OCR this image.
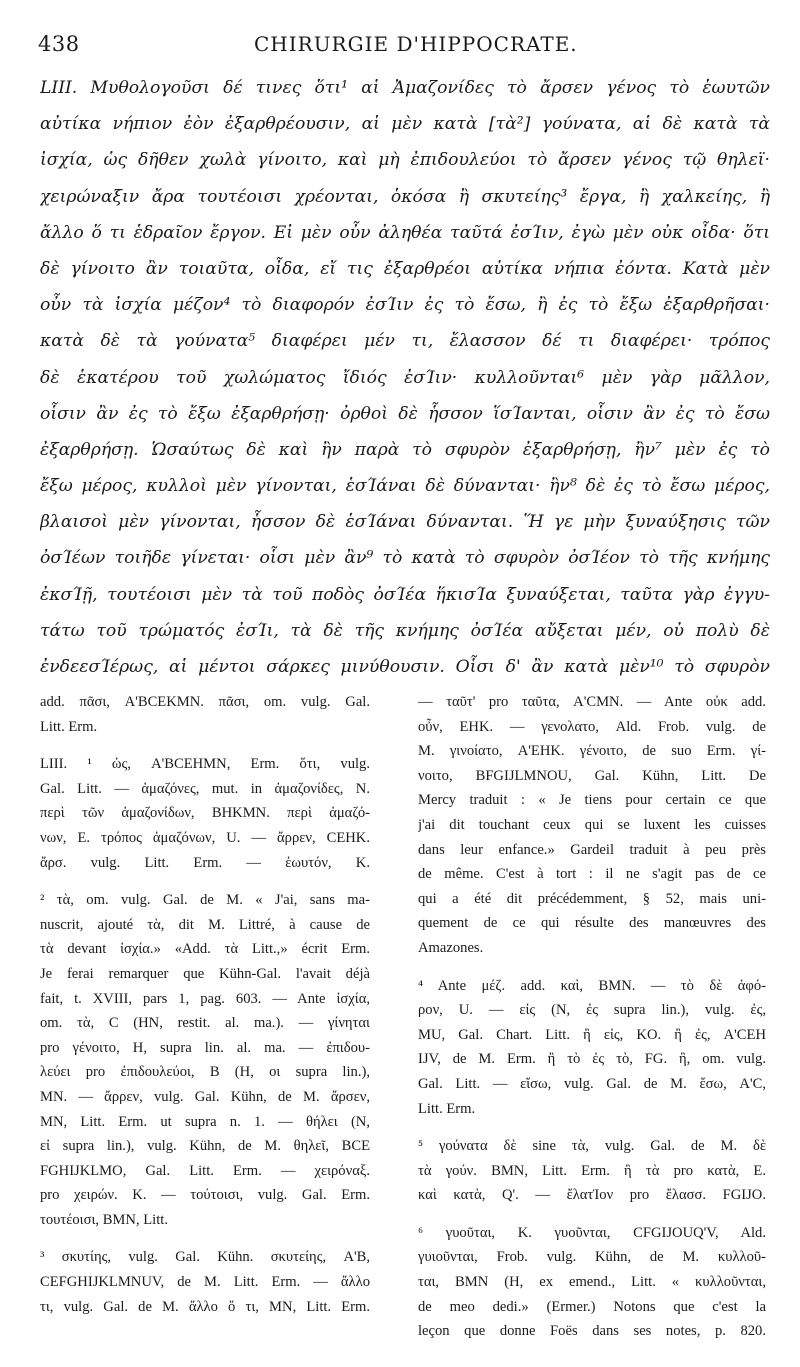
438	CHIRURGIE D'HIPPOCRATE.
LIII. Μυθολογοῦσι δέ τινες ὅτι¹ αἱ Ἀμαζονίδες τὸ ἄρσεν γένος τὸ ἑωυτῶν
αὐτίκα νήπιον ἐὸν ἐξαρθρέουσιν, αἱ μὲν κατὰ [τὰ²] γούνατα, αἱ δὲ κατὰ τὰ
ἰσχία, ὡς δῆθεν χωλὰ γίνοιτο, καὶ μὴ ἐπιδουλεύοι τὸ ἄρσεν γένος τῷ θηλεϊ·
χειρώναξιν ἄρα τουτέοισι χρέονται, ὁκόσα ἢ σκυτείης³ ἔργα, ἢ χαλκείης, ἢ
ἄλλο ὅ τι ἑδραῖον ἔργον. Εἰ μὲν οὖν ἀληθέα ταῦτά ἐσΊιν, ἐγὼ μὲν οὐκ οἶδα· ὅτι
δὲ γίνοιτο ἂν τοιαῦτα, οἶδα, εἴ τις ἐξαρθρέοι αὐτίκα νήπια ἐόντα. Κατὰ μὲν
οὖν τὰ ἰσχία μέζον⁴ τὸ διαφορόν ἐσΊιν ἐς τὸ ἔσω, ἢ ἐς τὸ ἔξω ἐξαρθρῆσαι·
κατὰ δὲ τὰ γούνατα⁵ διαφέρει μέν τι, ἔλασσον δέ τι διαφέρει· τρόπος
δὲ ἑκατέρου τοῦ χωλώματος ἴδιός ἐσΊιν· κυλλοῦνται⁶ μὲν γὰρ μᾶλλον,
οἷσιν ἂν ἐς τὸ ἔξω ἐξαρθρήσῃ· ὀρθοὶ δὲ ἧσσον ἵσΊανται, οἷσιν ἂν ἐς τὸ ἔσω
ἐξαρθρήσῃ. Ὡσαύτως δὲ καὶ ἢν παρὰ τὸ σφυρὸν ἐξαρθρήσῃ, ἢν⁷ μὲν ἐς τὸ
ἔξω μέρος, κυλλοὶ μὲν γίνονται, ἑσΊάναι δὲ δύνανται· ἢν⁸ δὲ ἐς τὸ ἔσω μέρος,
βλαισοὶ μὲν γίνονται, ἧσσον δὲ ἑσΊάναι δύνανται. Ἥ γε μὴν ξυναύξησις τῶν
ὀσΊέων τοιῆδε γίνεται· οἷσι μὲν ἂν⁹ τὸ κατὰ τὸ σφυρὸν ὀσΊέον τὸ τῆς κνήμης
ἐκσΊῇ, τουτέοισι μὲν τὰ τοῦ ποδὸς ὀσΊέα ἥκισΊα ξυναύξεται, ταῦτα γὰρ ἐγγυ-
τάτω τοῦ τρώματός ἐσΊι, τὰ δὲ τῆς κνήμης ὀσΊέα αὔξεται μέν, οὐ πολὺ δὲ
ἐνδεεσΊέρως, αἱ μέντοι σάρκες μινύθουσιν. Οἷσι δ' ἂν κατὰ μὲν¹⁰ τὸ σφυρὸν
add. πᾶσι, A'BCEKMN. πᾶσι, om. vulg. Gal.
Litt. Erm.
LIII. ¹ ὡς, A'BCEHMN, Erm. ὅτι, vulg.
Gal. Litt. — ἀμαζόνες, mut. in ἀμαζονίδες, N.
περὶ τῶν ἀμαζονίδων, BHKMN. περὶ ἀμαζό-
νων, E. τρόπος ἀμαζόνων, U. — ἄρρεν, CEHK.
ἄρσ. vulg. Litt. Erm. — ἑωυτόν, K.
² τὰ, om. vulg. Gal. de M. « J'ai, sans ma-
nuscrit, ajouté τὰ, dit M. Littré, à cause de
τὰ devant ἰσχία.» «Add. τὰ Litt.,» écrit Erm.
Je ferai remarquer que Kühn-Gal. l'avait déjà
fait, t. XVIII, pars 1, pag. 603. — Ante ἰσχία,
om. τὰ, C (HN, restit. al. ma.). — γίνηται
pro γένοιτο, H, supra lin. al. ma. — ἐπιδου-
λεύει pro ἐπιδουλεύοι, B (H, οι supra lin.),
MN. — ἄρρεν, vulg. Gal. Kühn, de M. ἄρσεν,
MN, Litt. Erm. ut supra n. 1. — θήλει (N,
εἰ supra lin.), vulg. Kühn, de M. θηλεῖ, BCE
FGHIJKLMO, Gal. Litt. Erm. — χειρόναξ.
pro χειρών. K. — τούτοισι, vulg. Gal. Erm.
τουτέοισι, BMN, Litt.
³ σκυτίης, vulg. Gal. Kühn. σκυτείης, A'B,
CEFGHIJKLMNUV, de M. Litt. Erm. — ἄλλο
τι, vulg. Gal. de M. ἄλλο ὅ τι, MN, Litt. Erm.
— ταῦτ' pro ταῦτα, A'CMN. — Ante οὐκ add.
οὖν, EHK. — γενολατο, Ald. Frob. vulg. de
M. γινοίατο, A'EHK. γένοιτο, de suo Erm. γί-
νοιτο, BFGIJLMNOU, Gal. Kühn, Litt. De
Mercy traduit : « Je tiens pour certain ce que
j'ai dit touchant ceux qui se luxent les cuisses
dans leur enfance.» Gardeil traduit à peu près
de même. C'est à tort : il ne s'agit pas de ce
qui a été dit précédemment, § 52, mais uni-
quement de ce qui résulte des manœuvres des
Amazones.
⁴ Ante μέζ. add. καὶ, BMN. — τὸ δὲ ἀφό-
ρον, U. — εἰς (N, ἐς supra lin.), vulg. ἐς,
MU, Gal. Chart. Litt. ἢ εἰς, KO. ἢ ἐς, A'CEH
IJV, de M. Erm. ἢ τὸ ἐς τὸ, FG. ἢ, om. vulg.
Gal. Litt. — εἴσω, vulg. Gal. de M. ἔσω, A'C,
Litt. Erm.
⁵ γούνατα δὲ sine τὰ, vulg. Gal. de M. δὲ
τὰ γούν. BMN, Litt. Erm. ἢ τὰ pro κατὰ, E.
καὶ κατὰ, Q'. — ἔλατΊον pro ἔλασσ. FGIJO.
⁶ γυοῦται, K. γυοῦνται, CFGIJOUQ'V, Ald.
γυιοῦνται, Frob. vulg. Kühn, de M. κυλλοῦ-
ται, BMN (H, ex emend., Litt. « κυλλοῦνται,
de meo dedi.» (Ermer.) Notons que c'est la
leçon que donne Foës dans ses notes, p. 820.
